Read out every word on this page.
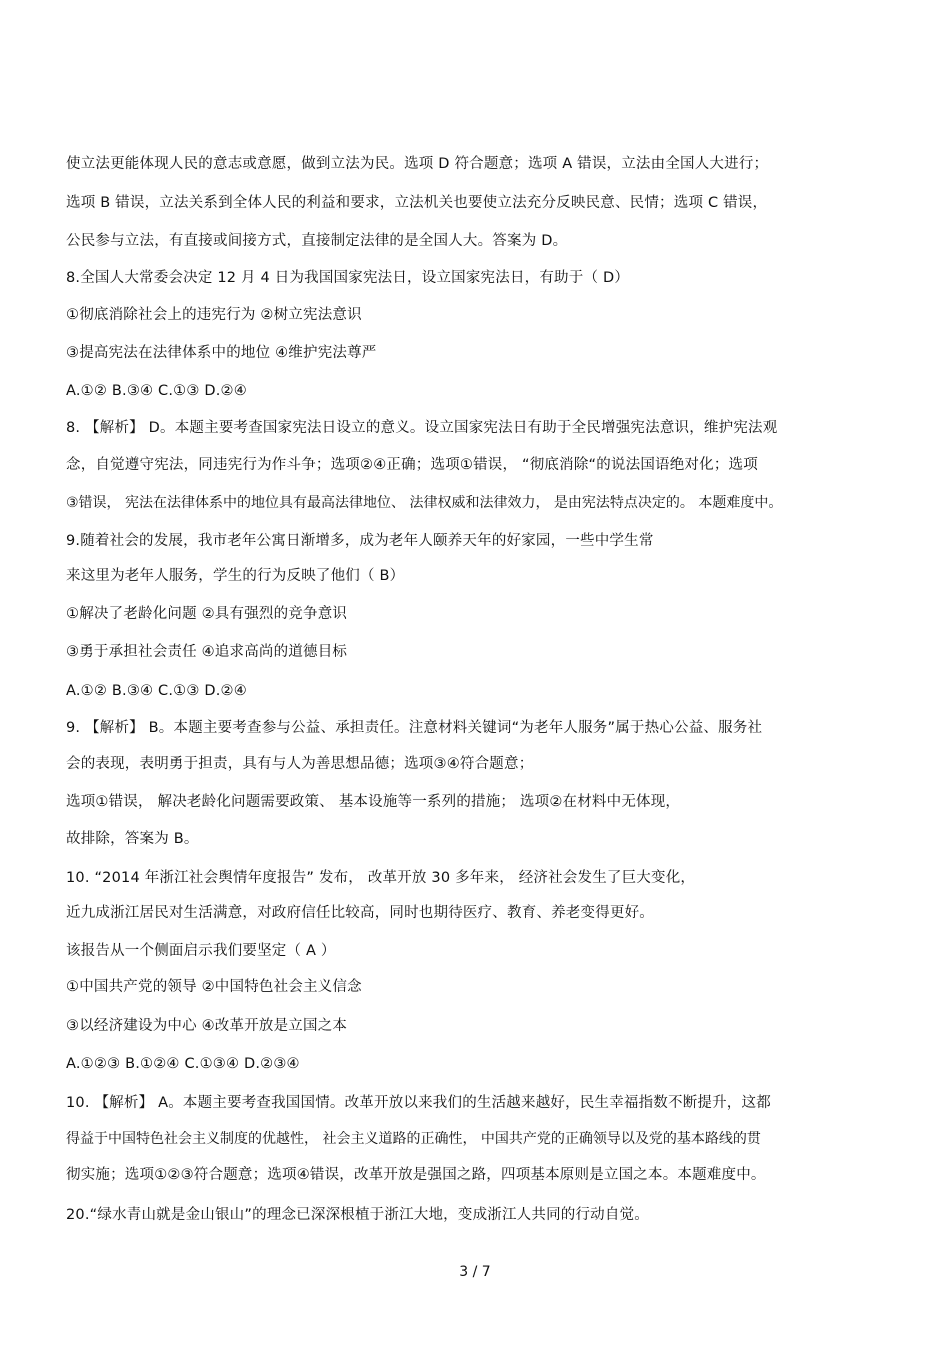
使立法更能体现人民的意志或意愿，做到立法为民。选项 D 符合题意；选项 A 错误，立法由全国人大进行；
选项 B 错误，立法关系到全体人民的利益和要求，立法机关也要使立法充分反映民意、民情；选项 C 错误，
公民参与立法，有直接或间接方式，直接制定法律的是全国人大。答案为 D。
8.全国人大常委会决定 12 月 4 日为我国国家宪法日，设立国家宪法日，有助于（ D）
①彻底消除社会上的违宪行为 ②树立宪法意识
③提高宪法在法律体系中的地位 ④维护宪法尊严
A.①② B.③④ C.①③ D.②④
8. 【解析】 D。本题主要考查国家宪法日设立的意义。设立国家宪法日有助于全民增强宪法意识，维护宪法观
念，自觉遵守宪法，同违宪行为作斗争；选项②④正确；选项①错误， “彻底消除“的说法国语绝对化；选项
③错误， 宪法在法律体系中的地位具有最高法律地位、 法律权威和法律效力， 是由宪法特点决定的。 本题难度中。
9.随着社会的发展，我市老年公寓日渐增多，成为老年人颐养天年的好家园，一些中学生常
来这里为老年人服务，学生的行为反映了他们（ B）
①解决了老龄化问题 ②具有强烈的竞争意识
③勇于承担社会责任 ④追求高尚的道德目标
A.①② B.③④ C.①③ D.②④
9. 【解析】 B。本题主要考查参与公益、承担责任。注意材料关键词“为老年人服务”属于热心公益、服务社
会的表现，表明勇于担责，具有与人为善思想品德；选项③④符合题意；
选项①错误， 解决老龄化问题需要政策、 基本设施等一系列的措施； 选项②在材料中无体现，
故排除，答案为 B。
10. “2014 年浙江社会舆情年度报告” 发布， 改革开放 30 多年来， 经济社会发生了巨大变化，
近九成浙江居民对生活满意，对政府信任比较高，同时也期待医疗、教育、养老变得更好。
该报告从一个侧面启示我们要坚定（ A ）
①中国共产党的领导 ②中国特色社会主义信念
③以经济建设为中心 ④改革开放是立国之本
A.①②③ B.①②④ C.①③④ D.②③④
10. 【解析】 A。本题主要考查我国国情。改革开放以来我们的生活越来越好，民生幸福指数不断提升，这都
得益于中国特色社会主义制度的优越性， 社会主义道路的正确性， 中国共产党的正确领导以及党的基本路线的贯
彻实施；选项①②③符合题意；选项④错误，改革开放是强国之路，四项基本原则是立国之本。本题难度中。
20.“绿水青山就是金山银山”的理念已深深根植于浙江大地，变成浙江人共同的行动自觉。
3 / 7
